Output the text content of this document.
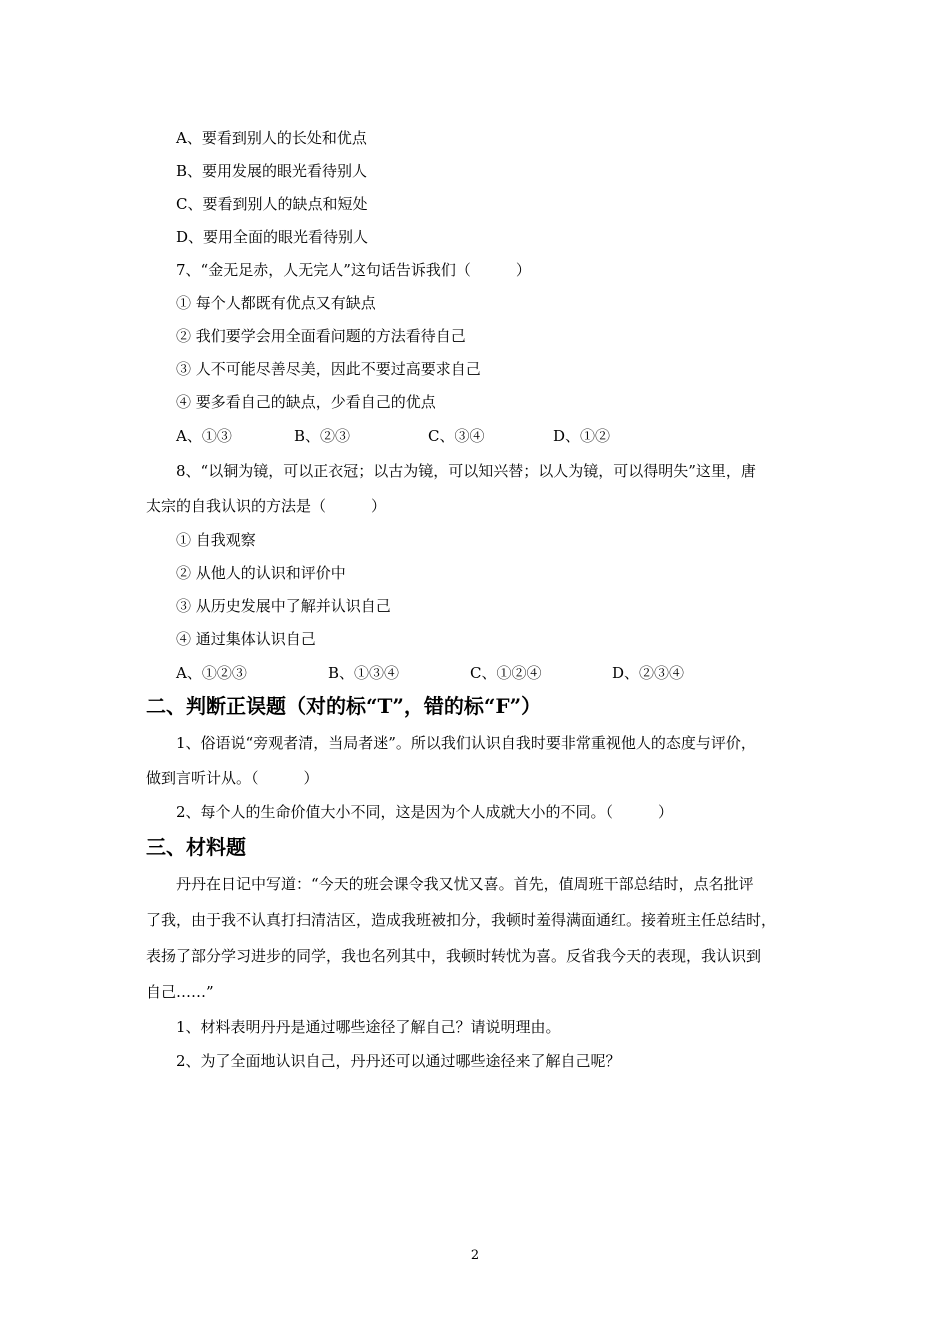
A、要看到别人的长处和优点
B、要用发展的眼光看待别人
C、要看到别人的缺点和短处
D、要用全面的眼光看待别人
7、“金无足赤，人无完人”这句话告诉我们（　　　）
① 每个人都既有优点又有缺点
② 我们要学会用全面看问题的方法看待自己
③ 人不可能尽善尽美，因此不要过高要求自己
④ 要多看自己的缺点，少看自己的优点
A、①③	B、②③	C、③④	D、①②
8、“以铜为镜，可以正衣冠；以古为镜，可以知兴替；以人为镜，可以得明失”这里，唐
太宗的自我认识的方法是（　　　）
① 自我观察
② 从他人的认识和评价中
③ 从历史发展中了解并认识自己
④ 通过集体认识自己
A、①②③	B、①③④	C、①②④	D、②③④
二、判断正误题（对的标“T”，错的标“F”）
1、俗语说“旁观者清，当局者迷”。所以我们认识自我时要非常重视他人的态度与评价，
做到言听计从。（　　　）
2、每个人的生命价值大小不同，这是因为个人成就大小的不同。（　　　）
三、材料题
丹丹在日记中写道：“今天的班会课令我又忧又喜。首先，值周班干部总结时，点名批评
了我，由于我不认真打扫清洁区，造成我班被扣分，我顿时羞得满面通红。接着班主任总结时，
表扬了部分学习进步的同学，我也名列其中，我顿时转忧为喜。反省我今天的表现，我认识到
自己……”
1、材料表明丹丹是通过哪些途径了解自己？请说明理由。
2、为了全面地认识自己，丹丹还可以通过哪些途径来了解自己呢？
2
